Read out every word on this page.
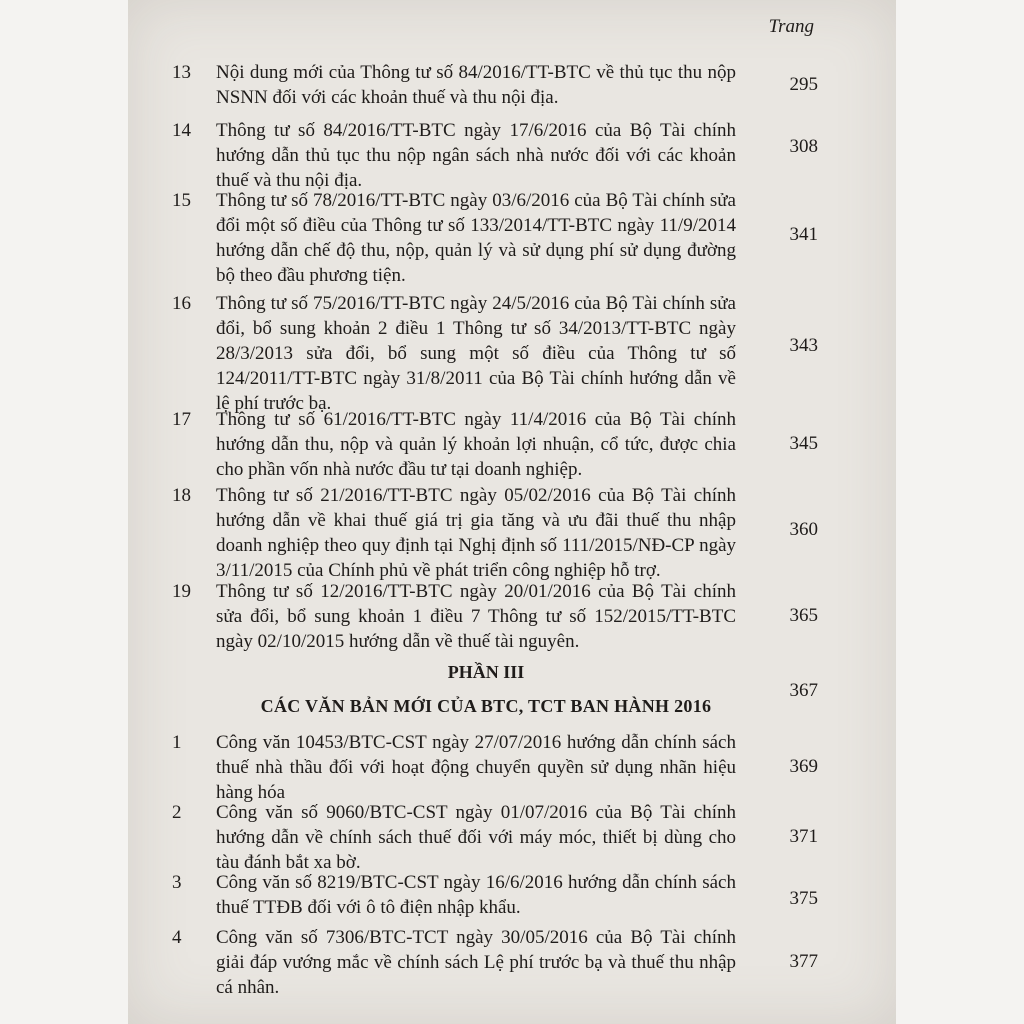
Trang
13 Nội dung mới của Thông tư số 84/2016/TT-BTC về thủ tục thu nộp NSNN đối với các khoản thuế và thu nội địa.
295
14 Thông tư số 84/2016/TT-BTC ngày 17/6/2016 của Bộ Tài chính hướng dẫn thủ tục thu nộp ngân sách nhà nước đối với các khoản thuế và thu nội địa.
308
15 Thông tư số 78/2016/TT-BTC ngày 03/6/2016 của Bộ Tài chính sửa đổi một số điều của Thông tư số 133/2014/TT-BTC ngày 11/9/2014 hướng dẫn chế độ thu, nộp, quản lý và sử dụng phí sử dụng đường bộ theo đầu phương tiện.
341
16 Thông tư số 75/2016/TT-BTC ngày 24/5/2016 của Bộ Tài chính sửa đổi, bổ sung khoản 2 điều 1 Thông tư số 34/2013/TT-BTC ngày 28/3/2013 sửa đổi, bổ sung một số điều của Thông tư số 124/2011/TT-BTC ngày 31/8/2011 của Bộ Tài chính hướng dẫn về lệ phí trước bạ.
343
17 Thông tư số 61/2016/TT-BTC ngày 11/4/2016 của Bộ Tài chính hướng dẫn thu, nộp và quản lý khoản lợi nhuận, cổ tức, được chia cho phần vốn nhà nước đầu tư tại doanh nghiệp.
345
18 Thông tư số 21/2016/TT-BTC ngày 05/02/2016 của Bộ Tài chính hướng dẫn về khai thuế giá trị gia tăng và ưu đãi thuế thu nhập doanh nghiệp theo quy định tại Nghị định số 111/2015/NĐ-CP ngày 3/11/2015 của Chính phủ về phát triển công nghiệp hỗ trợ.
360
19 Thông tư số 12/2016/TT-BTC ngày 20/01/2016 của Bộ Tài chính sửa đổi, bổ sung khoản 1 điều 7 Thông tư số 152/2015/TT-BTC ngày 02/10/2015 hướng dẫn về thuế tài nguyên.
365
PHẦN III
CÁC VĂN BẢN MỚI CỦA BTC, TCT BAN HÀNH 2016
367
1 Công văn 10453/BTC-CST ngày 27/07/2016 hướng dẫn chính sách thuế nhà thầu đối với hoạt động chuyển quyền sử dụng nhãn hiệu hàng hóa
369
2 Công văn số 9060/BTC-CST ngày 01/07/2016 của Bộ Tài chính hướng dẫn về chính sách thuế đối với máy móc, thiết bị dùng cho tàu đánh bắt xa bờ.
371
3 Công văn số 8219/BTC-CST ngày 16/6/2016 hướng dẫn chính sách thuế TTĐB đối với ô tô điện nhập khẩu.	375
4 Công văn số 7306/BTC-TCT ngày 30/05/2016 của Bộ Tài chính giải đáp vướng mắc về chính sách Lệ phí trước bạ và thuế thu nhập cá nhân.
377
